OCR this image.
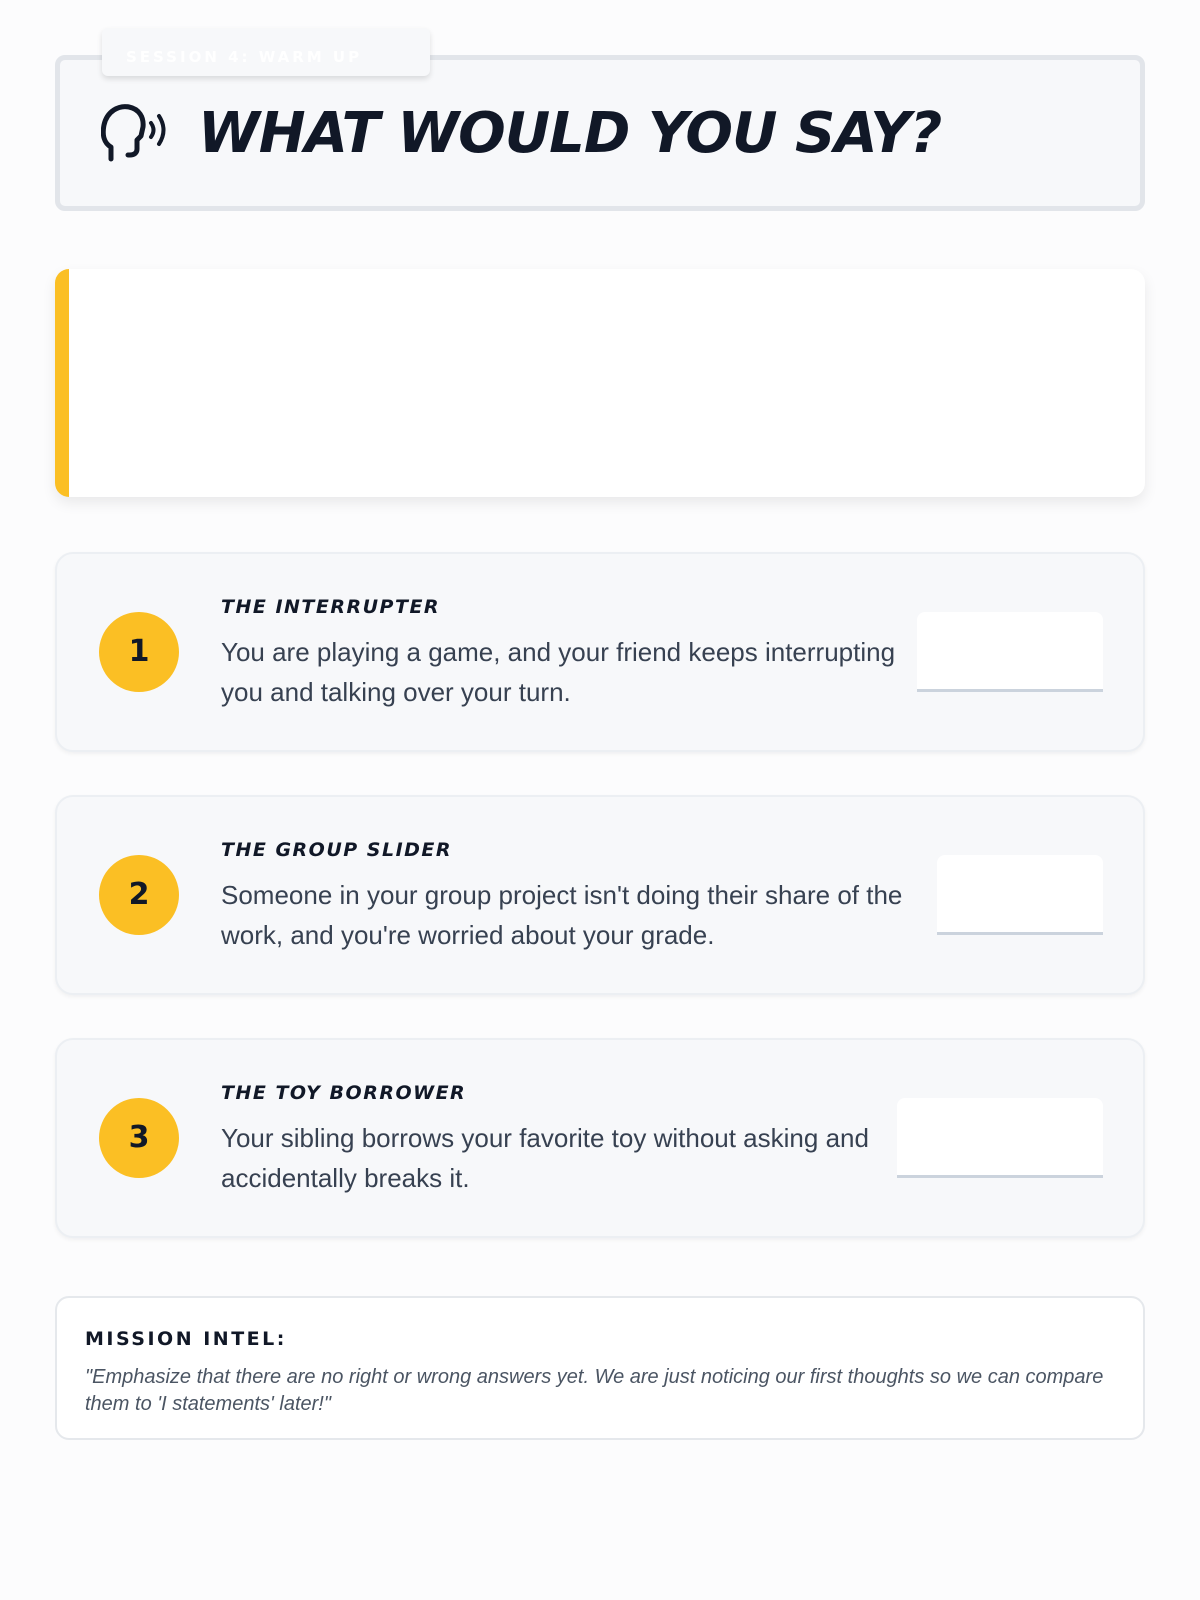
SESSION 4: WARM UP
WHAT WOULD YOU SAY?
1
THE INTERRUPTER

You are playing a game, and your friend keeps interrupting you and talking over your turn.

2
THE GROUP SLIDER

Someone in your group project isn't doing their share of the work, and you're worried about your grade.

3
THE TOY BORROWER

Your sibling borrows your favorite toy without asking and accidentally breaks it.

MISSION INTEL:

"Emphasize that there are no right or wrong answers yet. We are just noticing our first thoughts so we can compare them to 'I statements' later!"
